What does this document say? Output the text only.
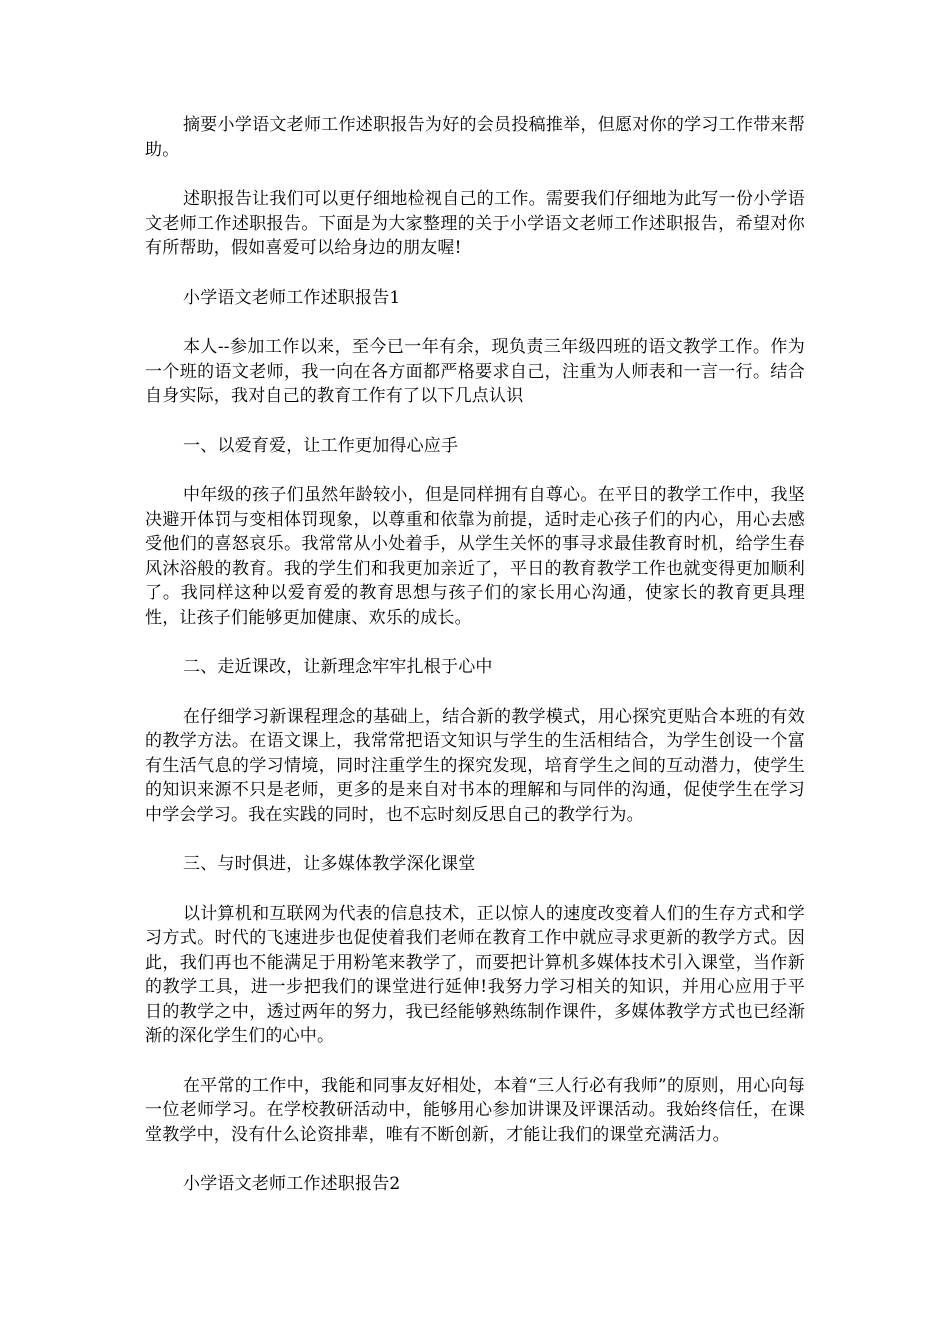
摘要小学语文老师工作述职报告为好的会员投稿推举，但愿对你的学习工作带来帮助。

述职报告让我们可以更仔细地检视自己的工作。需要我们仔细地为此写一份小学语文老师工作述职报告。下面是为大家整理的关于小学语文老师工作述职报告，希望对你有所帮助，假如喜爱可以给身边的朋友喔!

小学语文老师工作述职报告1

本人--参加工作以来，至今已一年有余，现负责三年级四班的语文教学工作。作为一个班的语文老师，我一向在各方面都严格要求自己，注重为人师表和一言一行。结合自身实际，我对自己的教育工作有了以下几点认识

一、以爱育爱，让工作更加得心应手

中年级的孩子们虽然年龄较小，但是同样拥有自尊心。在平日的教学工作中，我坚决避开体罚与变相体罚现象，以尊重和依靠为前提，适时走心孩子们的内心，用心去感受他们的喜怒哀乐。我常常从小处着手，从学生关怀的事寻求最佳教育时机，给学生春风沐浴般的教育。我的学生们和我更加亲近了，平日的教育教学工作也就变得更加顺利了。我同样这种以爱育爱的教育思想与孩子们的家长用心沟通，使家长的教育更具理性，让孩子们能够更加健康、欢乐的成长。

二、走近课改，让新理念牢牢扎根于心中

在仔细学习新课程理念的基础上，结合新的教学模式，用心探究更贴合本班的有效的教学方法。在语文课上，我常常把语文知识与学生的生活相结合，为学生创设一个富有生活气息的学习情境，同时注重学生的探究发现，培育学生之间的互动潜力，使学生的知识来源不只是老师，更多的是来自对书本的理解和与同伴的沟通，促使学生在学习中学会学习。我在实践的同时，也不忘时刻反思自己的教学行为。

三、与时俱进，让多媒体教学深化课堂

以计算机和互联网为代表的信息技术，正以惊人的速度改变着人们的生存方式和学习方式。时代的飞速进步也促使着我们老师在教育工作中就应寻求更新的教学方式。因此，我们再也不能满足于用粉笔来教学了，而要把计算机多媒体技术引入课堂，当作新的教学工具，进一步把我们的课堂进行延伸!我努力学习相关的知识，并用心应用于平日的教学之中，透过两年的努力，我已经能够熟练制作课件，多媒体教学方式也已经渐渐的深化学生们的心中。

在平常的工作中，我能和同事友好相处，本着“三人行必有我师”的原则，用心向每一位老师学习。在学校教研活动中，能够用心参加讲课及评课活动。我始终信任，在课堂教学中，没有什么论资排辈，唯有不断创新，才能让我们的课堂充满活力。

小学语文老师工作述职报告2
